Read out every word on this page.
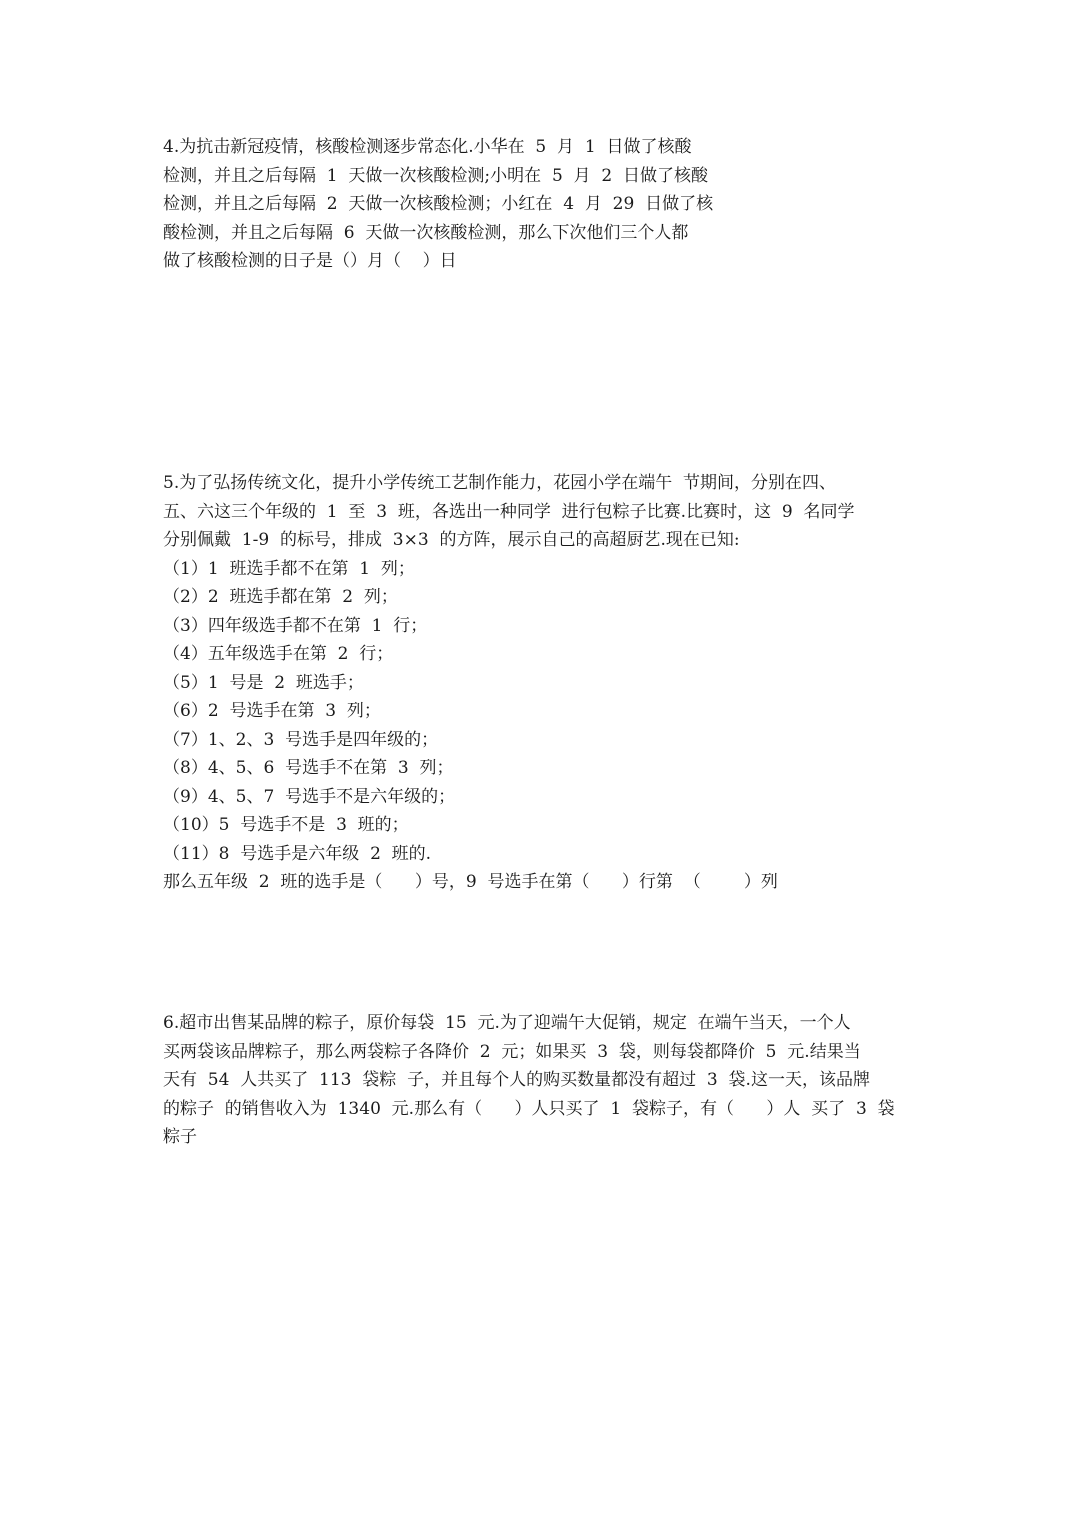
4.为抗击新冠疫情，核酸检测逐步常态化.小华在  5  月  1  日做了核酸
检测，并且之后每隔  1  天做一次核酸检测;小明在  5  月  2  日做了核酸
检测，并且之后每隔  2  天做一次核酸检测；小红在  4  月  29  日做了核
酸检测，并且之后每隔  6  天做一次核酸检测，那么下次他们三个人都
做了核酸检测的日子是（）月（    ）日
5.为了弘扬传统文化，提升小学传统工艺制作能力，花园小学在端午  节期间，分别在四、
五、六这三个年级的  1  至  3  班，各选出一种同学  进行包粽子比赛.比赛时，这  9  名同学
分别佩戴  1-9  的标号，排成  3×3  的方阵，展示自己的高超厨艺.现在已知:
（1）1  班选手都不在第  1  列；
（2）2  班选手都在第  2  列；
（3）四年级选手都不在第  1  行；
（4）五年级选手在第  2  行；
（5）1  号是  2  班选手；
（6）2  号选手在第  3  列；
（7）1、2、3  号选手是四年级的；
（8）4、5、6  号选手不在第  3  列；
（9）4、5、7  号选手不是六年级的；
（10）5  号选手不是  3  班的；
（11）8  号选手是六年级  2  班的.
那么五年级  2  班的选手是（      ）号，9  号选手在第（      ）行第  （        ）列
6.超市出售某品牌的粽子，原价每袋  15  元.为了迎端午大促销，规定  在端午当天，一个人
买两袋该品牌粽子，那么两袋粽子各降价  2  元；如果买  3  袋，则每袋都降价  5  元.结果当
天有  54  人共买了  113  袋粽  子，并且每个人的购买数量都没有超过  3  袋.这一天，该品牌
的粽子  的销售收入为  1340  元.那么有（      ）人只买了  1  袋粽子，有（      ）人  买了  3  袋
粽子
